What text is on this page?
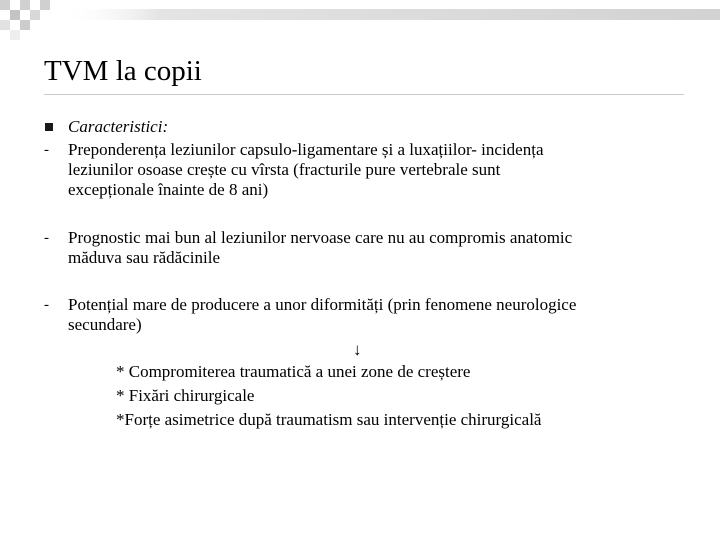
TVM la copii
Caracteristici:
- Preponderența leziunilor capsulo-ligamentare și a luxațiilor- incidența
leziunilor osoase crește cu vîrsta (fracturile pure vertebrale sunt
excepționale înainte de 8 ani)
- Prognostic mai bun al leziunilor nervoase care nu au compromis anatomic
măduva sau rădăcinile
- Potențial mare de producere a unor diformități (prin fenomene neurologice
secundare)
↓
* Compromiterea traumatică a unei zone de creștere
* Fixări chirurgicale
*Forțe asimetrice după traumatism sau intervenție chirurgicală
